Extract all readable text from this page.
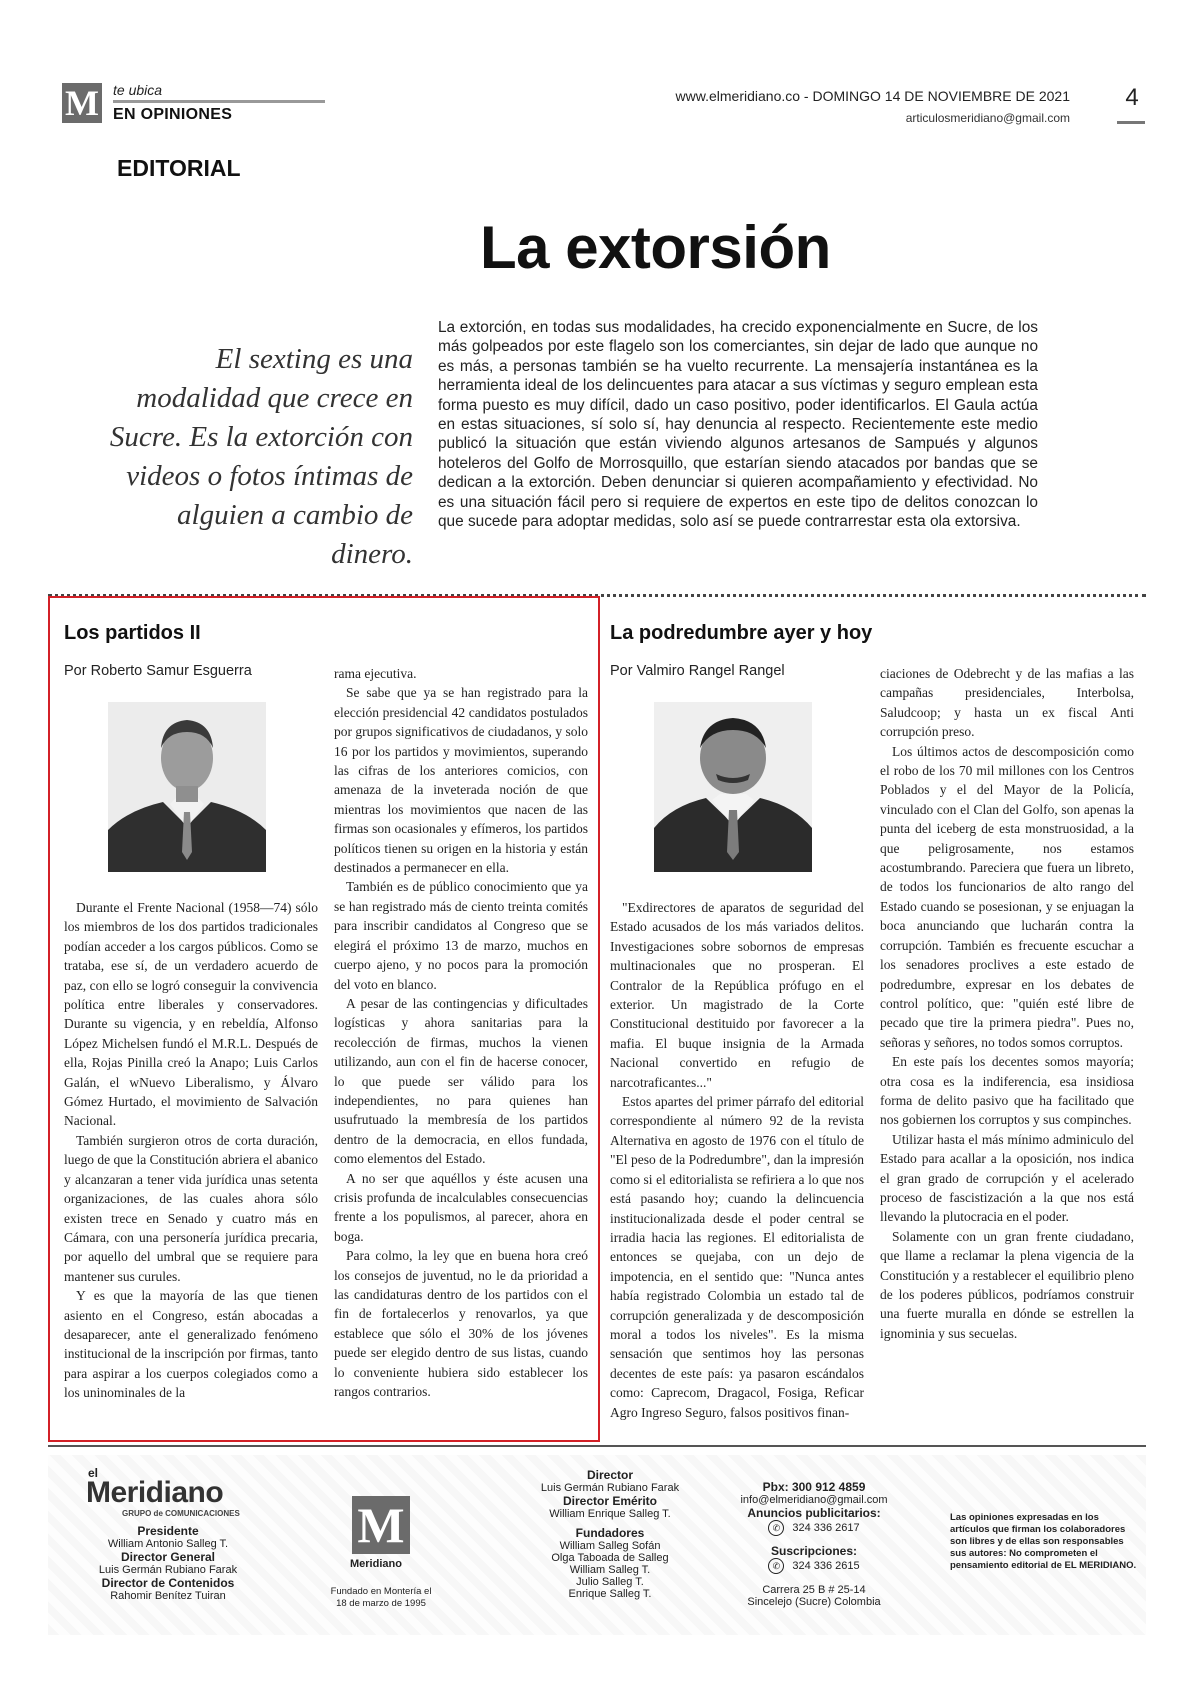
M te ubica
EN OPINIONES
www.elmeridiano.co - DOMINGO 14 DE NOVIEMBRE DE 2021
articulosmeridiano@gmail.com
4
EDITORIAL
La extorsión
El sexting es una modalidad que crece en Sucre. Es la extorción con videos o fotos íntimas de alguien a cambio de dinero.
La extorción, en todas sus modalidades, ha crecido exponencialmente en Sucre, de los más golpeados por este flagelo son los comerciantes, sin dejar de lado que aunque no es más, a personas también se ha vuelto recurrente. La mensajería instantánea es la herramienta ideal de los delincuentes para atacar a sus víctimas y seguro emplean esta forma puesto es muy difícil, dado un caso positivo, poder identificarlos. El Gaula actúa en estas situaciones, sí solo sí, hay denuncia al respecto. Recientemente este medio publicó la situación que están viviendo algunos artesanos de Sampués y algunos hoteleros del Golfo de Morrosquillo, que estarían siendo atacados por bandas que se dedican a la extorción. Deben denunciar si quieren acompañamiento y efectividad. No es una situación fácil pero si requiere de expertos en este tipo de delitos conozcan lo que sucede para adoptar medidas, solo así se puede contrarrestar esta ola extorsiva.
Los partidos II
Por Roberto Samur Esguerra

Durante el Frente Nacional (1958—74) sólo los miembros de los dos partidos tradicionales podían acceder a los cargos públicos. Como se trataba, ese sí, de un verdadero acuerdo de paz, con ello se logró conseguir la convivencia política entre liberales y conservadores. Durante su vigencia, y en rebeldía, Alfonso López Michelsen fundó el M.R.L. Después de ella, Rojas Pinilla creó la Anapo; Luis Carlos Galán, el wNuevo Liberalismo, y Álvaro Gómez Hurtado, el movimiento de Salvación Nacional.

También surgieron otros de corta duración, luego de que la Constitución abriera el abanico y alcanzaran a tener vida jurídica unas setenta organizaciones, de las cuales ahora sólo existen trece en Senado y cuatro más en Cámara, con una personería jurídica precaria, por aquello del umbral que se requiere para mantener sus curules.

Y es que la mayoría de las que tienen asiento en el Congreso, están abocadas a desaparecer, ante el generalizado fenómeno institucional de la inscripción por firmas, tanto para aspirar a los cuerpos colegiados como a los uninominales de la

rama ejecutiva.

Se sabe que ya se han registrado para la elección presidencial 42 candidatos postulados por grupos significativos de ciudadanos, y solo 16 por los partidos y movimientos, superando las cifras de los anteriores comicios, con amenaza de la inveterada noción de que mientras los movimientos que nacen de las firmas son ocasionales y efímeros, los partidos políticos tienen su origen en la historia y están destinados a permanecer en ella.

También es de público conocimiento que ya se han registrado más de ciento treinta comités para inscribir candidatos al Congreso que se elegirá el próximo 13 de marzo, muchos en cuerpo ajeno, y no pocos para la promoción del voto en blanco.

A pesar de las contingencias y dificultades logísticas y ahora sanitarias para la recolección de firmas, muchos la vienen utilizando, aun con el fin de hacerse conocer, lo que puede ser válido para los independientes, no para quienes han usufrutuado la membresía de los partidos dentro de la democracia, en ellos fundada, como elementos del Estado.

A no ser que aquéllos y éste acusen una crisis profunda de incalculables consecuencias frente a los populismos, al parecer, ahora en boga.

Para colmo, la ley que en buena hora creó los consejos de juventud, no le da prioridad a las candidaturas dentro de los partidos con el fin de fortalecerlos y renovarlos, ya que establece que sólo el 30% de los jóvenes puede ser elegido dentro de sus listas, cuando lo conveniente hubiera sido establecer los rangos contrarios.

La podredumbre ayer y hoy
Por Valmiro Rangel Rangel

"Exdirectores de aparatos de seguridad del Estado acusados de los más variados delitos. Investigaciones sobre sobornos de empresas multinacionales que no prosperan. El Contralor de la República prófugo en el exterior. Un magistrado de la Corte Constitucional destituido por favorecer a la mafia. El buque insignia de la Armada Nacional convertido en refugio de narcotraficantes..."

Estos apartes del primer párrafo del editorial correspondiente al número 92 de la revista Alternativa en agosto de 1976 con el título de "El peso de la Podredumbre", dan la impresión como si el editorialista se refiriera a lo que nos está pasando hoy; cuando la delincuencia institucionalizada desde el poder central se irradia hacia las regiones. El editorialista de entonces se quejaba, con un dejo de impotencia, en el sentido que: "Nunca antes había registrado Colombia un estado tal de corrupción generalizada y de descomposición moral a todos los niveles". Es la misma sensación que sentimos hoy las personas decentes de este país: ya pasaron escándalos como: Caprecom, Dragacol, Fosiga, Reficar Agro Ingreso Seguro, falsos positivos finan-

ciaciones de Odebrecht y de las mafias a las campañas presidenciales, Interbolsa, Saludcoop; y hasta un ex fiscal Anti corrupción preso.

Los últimos actos de descomposición como el robo de los 70 mil millones con los Centros Poblados y el del Mayor de la Policía, vinculado con el Clan del Golfo, son apenas la punta del iceberg de esta monstruosidad, a la que peligrosamente, nos estamos acostumbrando. Pareciera que fuera un libreto, de todos los funcionarios de alto rango del Estado cuando se posesionan, y se enjuagan la boca anunciando que lucharán contra la corrupción. También es frecuente escuchar a los senadores proclives a este estado de podredumbre, expresar en los debates de control político, que: "quién esté libre de pecado que tire la primera piedra". Pues no, señoras y señores, no todos somos corruptos.

En este país los decentes somos mayoría; otra cosa es la indiferencia, esa insidiosa forma de delito pasivo que ha facilitado que nos gobiernen los corruptos y sus compinches.

Utilizar hasta el más mínimo adminiculo del Estado para acallar a la oposición, nos indica el gran grado de corrupción y el acelerado proceso de fascistización a la que nos está llevando la plutocracia en el poder.

Solamente con un gran frente ciudadano, que llame a reclamar la plena vigencia de la Constitución y a restablecer el equilibrio pleno de los poderes públicos, podríamos construir una fuerte muralla en dónde se estrellen la ignominia y sus secuelas.

el
Meridiano
GRUPO de COMUNICACIONES
Presidente
William Antonio Salleg T.
Director General
Luis Germán Rubiano Farak
Director de Contenidos
Rahomir Benítez Tuiran
M
Meridiano
Fundado en Montería el 18 de marzo de 1995
Director
Luis Germán Rubiano Farak
Director Emérito
William Enrique Salleg T.
Fundadores
William Salleg Sofán
Olga Taboada de Salleg
William Salleg T.
Julio Salleg T.
Enrique Salleg T.
Pbx: 300 912 4859
info@elmeridiano@gmail.com
Anuncios publicitarios:
✆	324 336 2617
Suscripciones:
✆	324 336 2615
Carrera 25 B # 25-14
Sincelejo (Sucre) Colombia
Las opiniones expresadas en los artículos que firman los colaboradores son libres y de ellas son responsables sus autores: No comprometen el pensamiento editorial de EL MERIDIANO.
